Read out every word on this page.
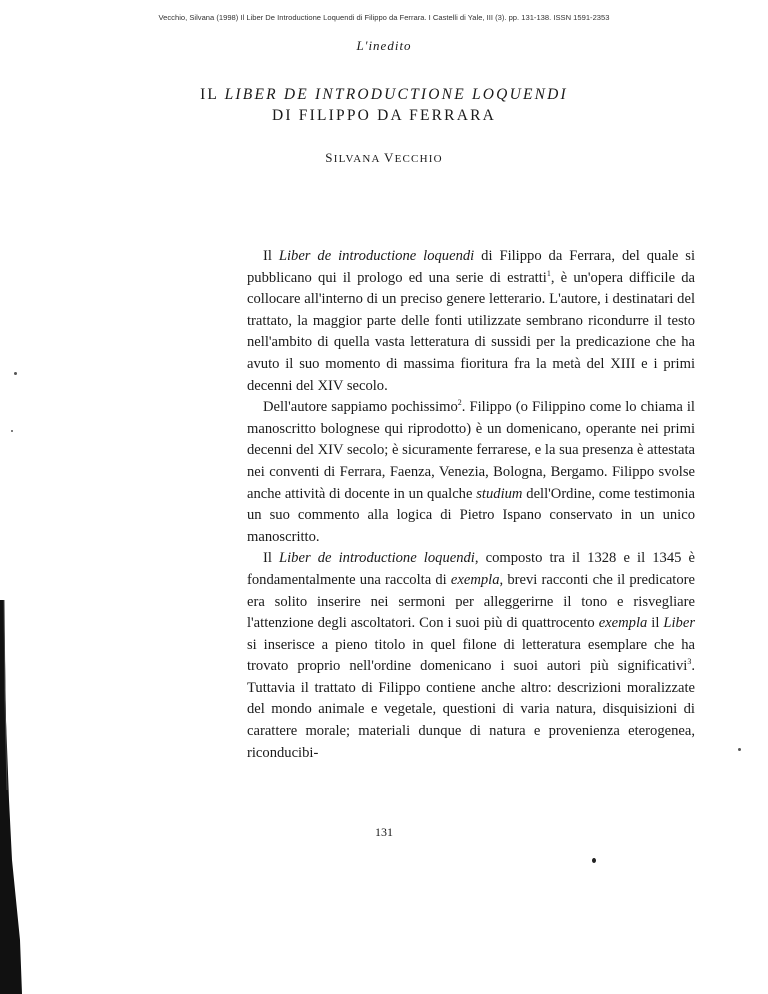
Vecchio, Silvana (1998) Il Liber De Introductione Loquendi di Filippo da Ferrara. I Castelli di Yale, III (3). pp. 131-138. ISSN 1591-2353
L'inedito
IL LIBER DE INTRODUCTIONE LOQUENDI
DI FILIPPO DA FERRARA
SILVANA VECCHIO

Il Liber de introductione loquendi di Filippo da Ferrara, del quale si pubblicano qui il prologo ed una serie di estratti$^1$, è un'opera difficile da collocare all'interno di un preciso genere letterario. L'autore, i destinatari del trattato, la maggior parte delle fonti utilizzate sembrano ricondurre il testo nell'ambito di quella vasta letteratura di sussidi per la predicazione che ha avuto il suo momento di massima fioritura fra la metà del XIII e i primi decenni del XIV secolo.

Dell'autore sappiamo pochissimo$^2$. Filippo (o Filippino come lo chiama il manoscritto bolognese qui riprodotto) è un domenicano, operante nei primi decenni del XIV secolo; è sicuramente ferrarese, e la sua presenza è attestata nei conventi di Ferrara, Faenza, Venezia, Bologna, Bergamo. Filippo svolse anche attività di docente in un qualche studium dell'Ordine, come testimonia un suo commento alla logica di Pietro Ispano conservato in un unico manoscritto.

Il Liber de introductione loquendi, composto tra il 1328 e il 1345 è fondamentalmente una raccolta di exempla, brevi racconti che il predicatore era solito inserire nei sermoni per alleggerirne il tono e risvegliare l'attenzione degli ascoltatori. Con i suoi più di quattrocento exempla il Liber si inserisce a pieno titolo in quel filone di letteratura esemplare che ha trovato proprio nell'ordine domenicano i suoi autori più significativi$^3$. Tuttavia il trattato di Filippo contiene anche altro: descrizioni moralizzate del mondo animale e vegetale, questioni di varia natura, disquisizioni di carattere morale; materiali dunque di natura e provenienza eterogenea, riconducibi-

131
